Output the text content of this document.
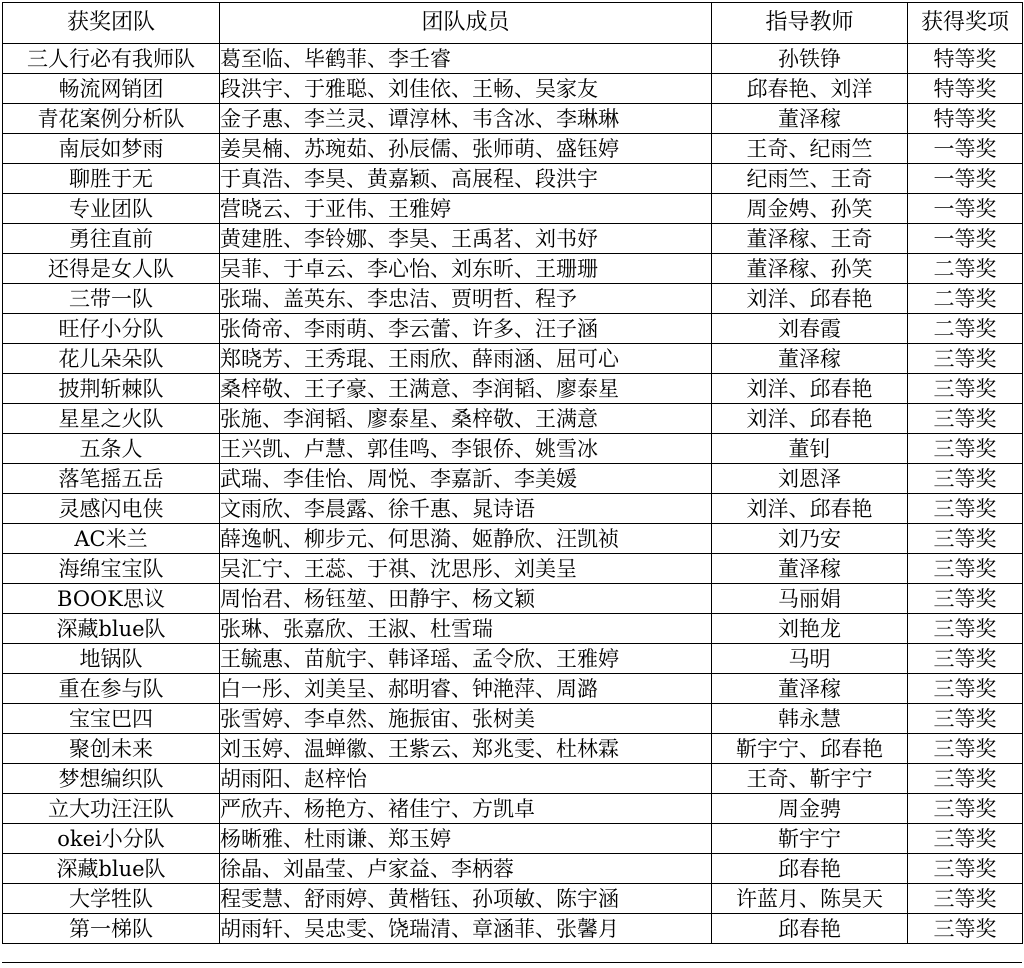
获奖团队	团队成员	指导教师	获得奖项
三人行必有我师队	葛至临、毕鹤菲、李壬睿	孙铁铮	特等奖
畅流网销团	段洪宇、于雅聪、刘佳依、王畅、吴家友	邱春艳、刘洋	特等奖
青花案例分析队	金子惠、李兰灵、谭淳林、韦含冰、李琳琳	董泽稼	特等奖
南辰如梦雨	姜昊楠、苏琬茹、孙辰儒、张师萌、盛钰婷	王奇、纪雨竺	一等奖
聊胜于无	于真浩、李昊、黄嘉颖、高展程、段洪宇	纪雨竺、王奇	一等奖
专业团队	营晓云、于亚伟、王雅婷	周金娉、孙笑	一等奖
勇往直前	黄建胜、李铃娜、李昊、王禹茗、刘书妤	董泽稼、王奇	一等奖
还得是女人队	吴菲、于卓云、李心怡、刘东昕、王珊珊	董泽稼、孙笑	二等奖
三带一队	张瑞、盖英东、李忠洁、贾明哲、程予	刘洋、邱春艳	二等奖
旺仔小分队	张倚帝、李雨萌、李云蕾、许多、汪子涵	刘春霞	二等奖
花儿朵朵队	郑晓芳、王秀琨、王雨欣、薛雨涵、屈可心	董泽稼	三等奖
披荆斩棘队	桑梓敬、王子豪、王满意、李润韬、廖泰星	刘洋、邱春艳	三等奖
星星之火队	张施、李润韬、廖泰星、桑梓敬、王满意	刘洋、邱春艳	三等奖
五条人	王兴凯、卢慧、郭佳鸣、李银侨、姚雪冰	董钊	三等奖
落笔摇五岳	武瑞、李佳怡、周悦、李嘉訢、李美媛	刘恩泽	三等奖
灵感闪电侠	文雨欣、李晨露、徐千惠、晁诗语	刘洋、邱春艳	三等奖
AC米兰	薛逸帆、柳步元、何思漪、姬静欣、汪凯祯	刘乃安	三等奖
海绵宝宝队	吴汇宁、王蕊、于祺、沈思彤、刘美呈	董泽稼	三等奖
BOOK思议	周怡君、杨钰堃、田静宇、杨文颖	马丽娟	三等奖
深藏blue队	张琳、张嘉欣、王淑、杜雪瑞	刘艳龙	三等奖
地锅队	王毓惠、苗航宇、韩译瑶、孟令欣、王雅婷	马明	三等奖
重在参与队	白一彤、刘美呈、郝明睿、钟滟萍、周潞	董泽稼	三等奖
宝宝巴四	张雪婷、李卓然、施振宙、张树美	韩永慧	三等奖
聚创未来	刘玉婷、温蝉徽、王紫云、郑兆雯、杜林霖	靳宇宁、邱春艳	三等奖
梦想编织队	胡雨阳、赵梓怡	王奇、靳宇宁	三等奖
立大功汪汪队	严欣卉、杨艳方、褚佳宁、方凯卓	周金骋	三等奖
okei小分队	杨晰雅、杜雨谦、郑玉婷	靳宇宁	三等奖
深藏blue队	徐晶、刘晶莹、卢家益、李柄蓉	邱春艳	三等奖
大学牲队	程雯慧、舒雨婷、黄楷钰、孙项敏、陈宇涵	许蓝月、陈昊天	三等奖
第一梯队	胡雨轩、吴忠雯、饶瑞清、章涵菲、张馨月	邱春艳	三等奖
